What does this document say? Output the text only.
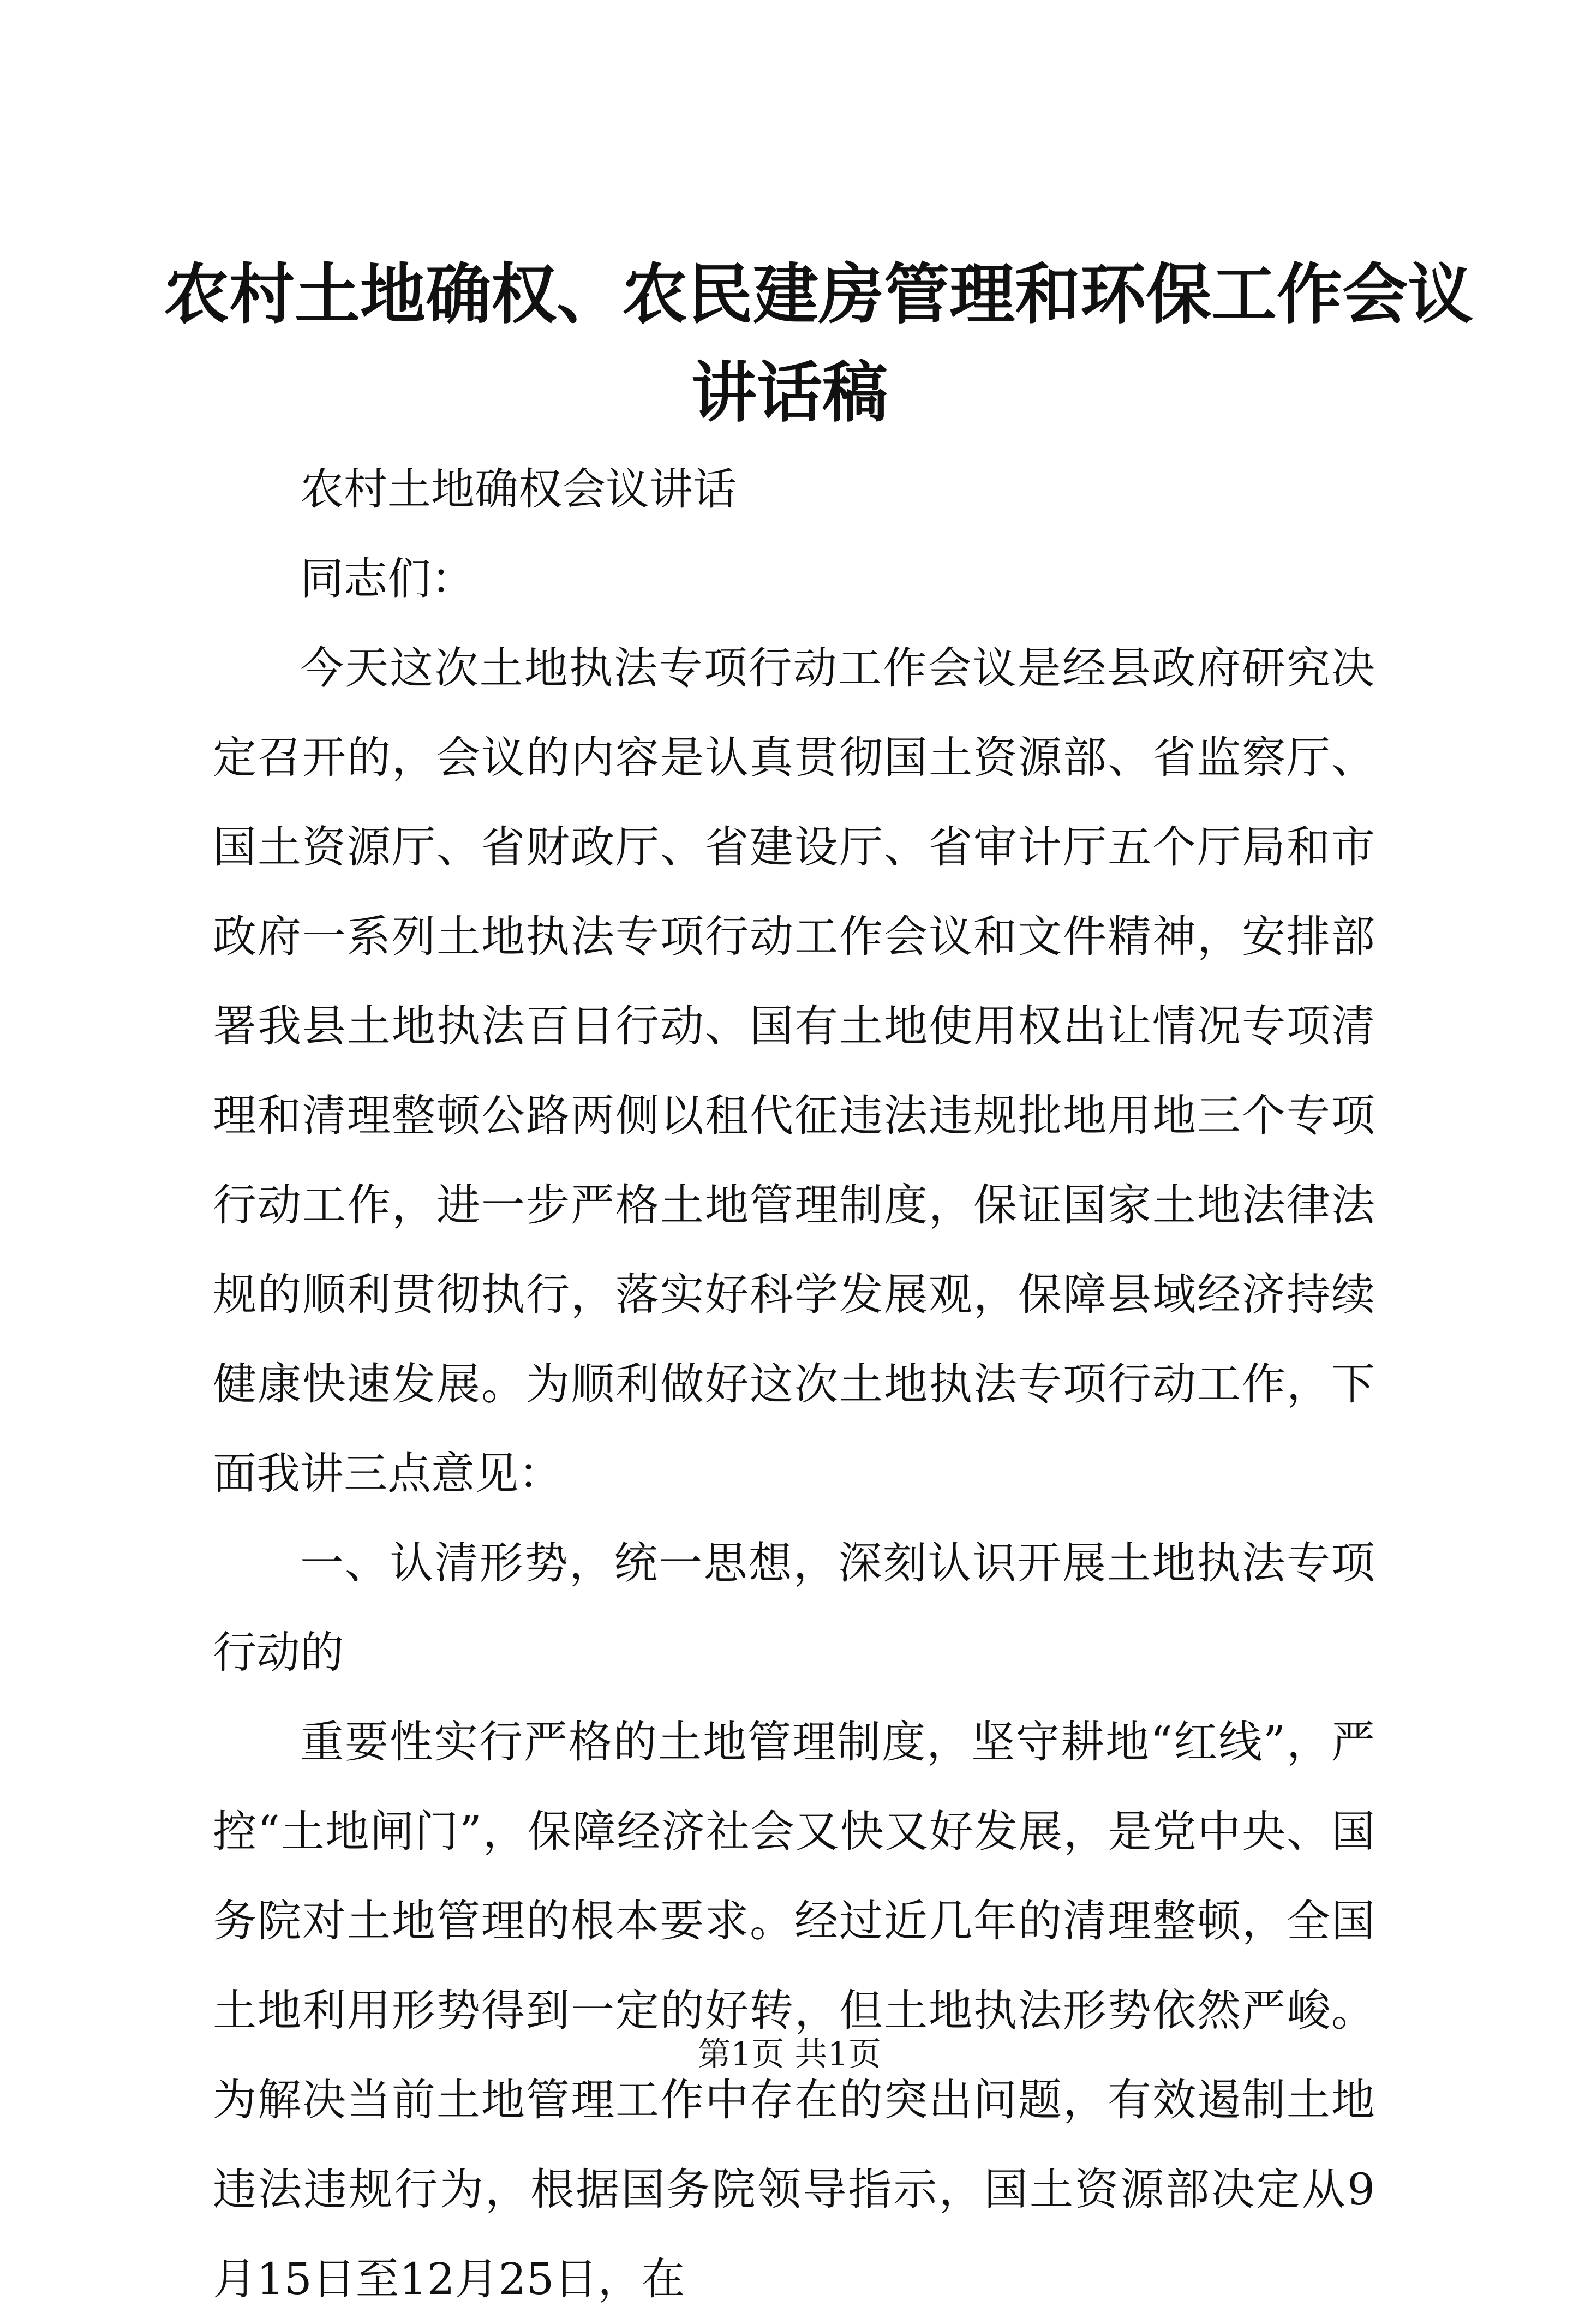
农村土地确权、农民建房管理和环保工作会议
讲话稿

农村土地确权会议讲话

同志们：

今天这次土地执法专项行动工作会议是经县政府研究决定召开的，会议的内容是认真贯彻国土资源部、省监察厅、国土资源厅、省财政厅、省建设厅、省审计厅五个厅局和市政府一系列土地执法专项行动工作会议和文件精神，安排部署我县土地执法百日行动、国有土地使用权出让情况专项清理和清理整顿公路两侧以租代征违法违规批地用地三个专项行动工作，进一步严格土地管理制度，保证国家土地法律法规的顺利贯彻执行，落实好科学发展观，保障县域经济持续健康快速发展。为顺利做好这次土地执法专项行动工作，下面我讲三点意见：

一、认清形势，统一思想，深刻认识开展土地执法专项行动的

重要性实行严格的土地管理制度，坚守耕地“红线”，严控“土地闸门”，保障经济社会又快又好发展，是党中央、国务院对土地管理的根本要求。经过近几年的清理整顿，全国土地利用形势得到一定的好转，但土地执法形势依然严峻。为解决当前土地管理工作中存在的突出问题，有效遏制土地违法违规行为，根据国务院领导指示，国土资源部决定从9月15日至12月25日，在

第1页 共1页
